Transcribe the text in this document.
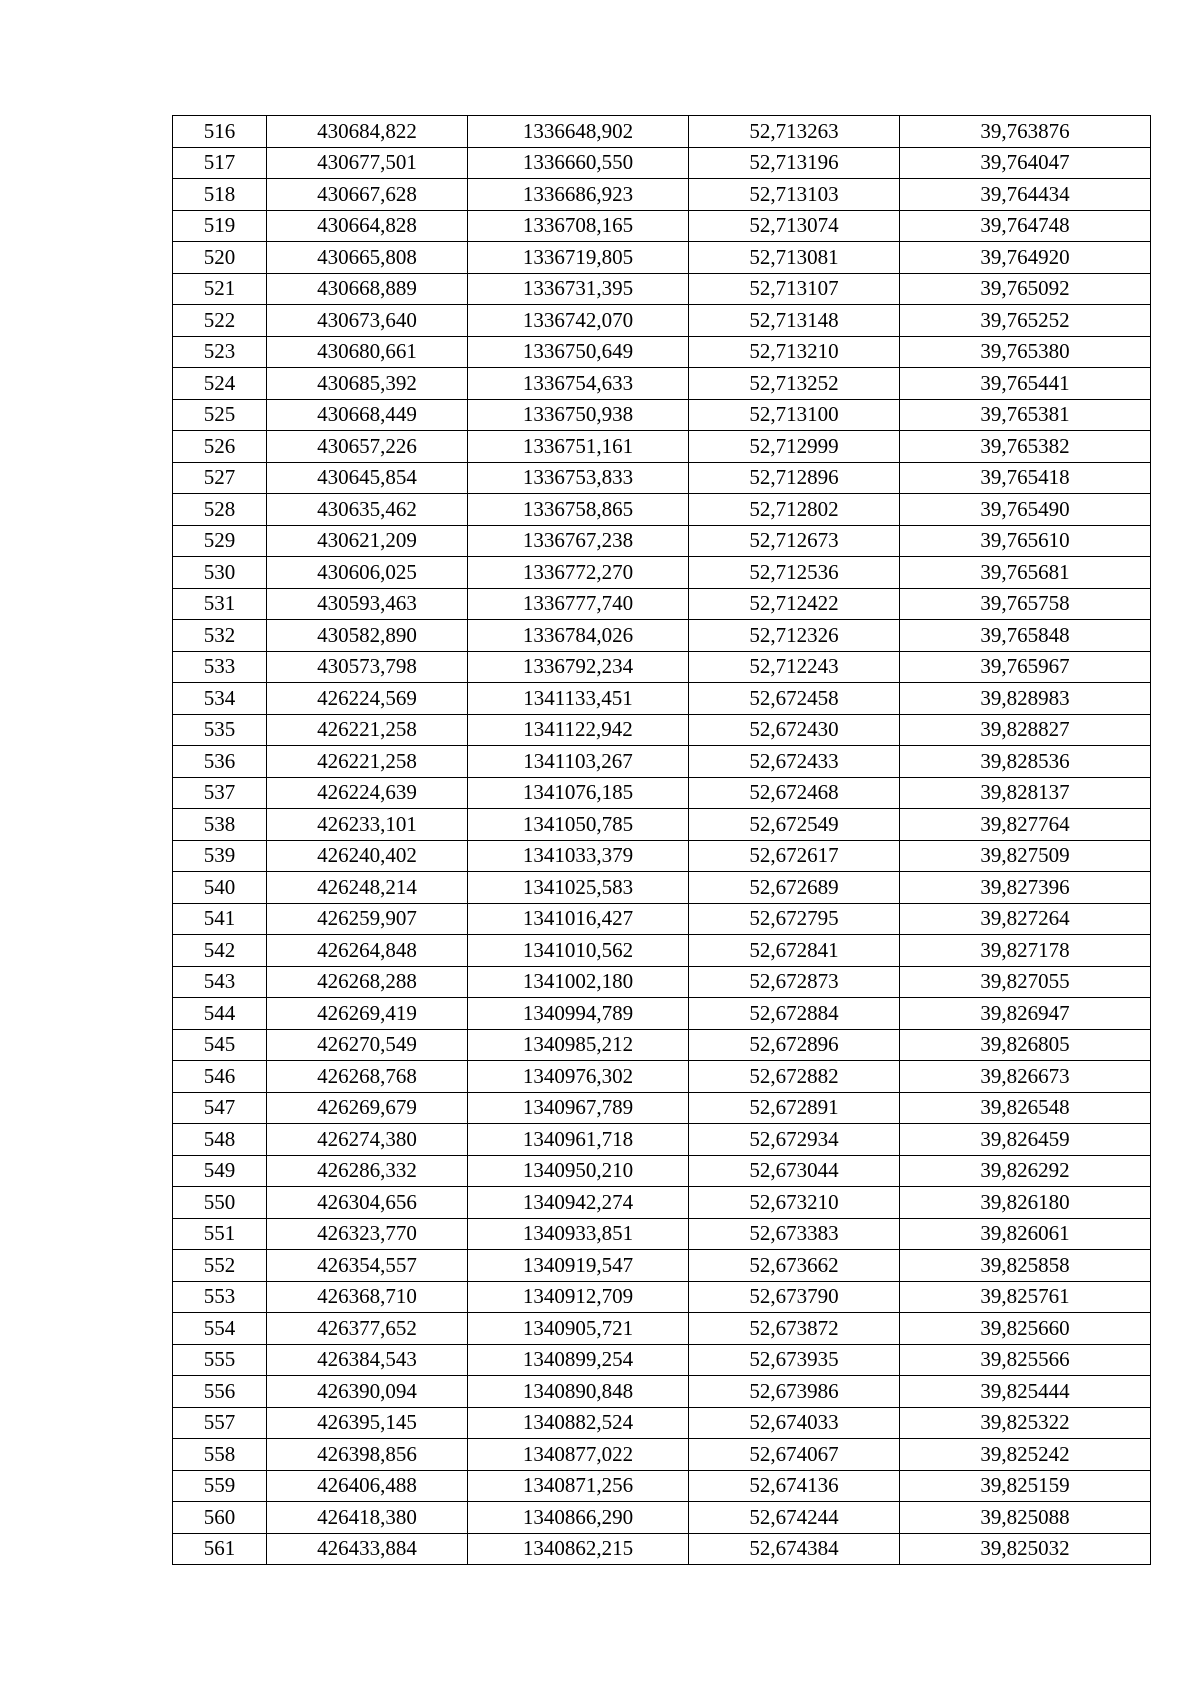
516	430684,822	1336648,902	52,713263	39,763876
517	430677,501	1336660,550	52,713196	39,764047
518	430667,628	1336686,923	52,713103	39,764434
519	430664,828	1336708,165	52,713074	39,764748
520	430665,808	1336719,805	52,713081	39,764920
521	430668,889	1336731,395	52,713107	39,765092
522	430673,640	1336742,070	52,713148	39,765252
523	430680,661	1336750,649	52,713210	39,765380
524	430685,392	1336754,633	52,713252	39,765441
525	430668,449	1336750,938	52,713100	39,765381
526	430657,226	1336751,161	52,712999	39,765382
527	430645,854	1336753,833	52,712896	39,765418
528	430635,462	1336758,865	52,712802	39,765490
529	430621,209	1336767,238	52,712673	39,765610
530	430606,025	1336772,270	52,712536	39,765681
531	430593,463	1336777,740	52,712422	39,765758
532	430582,890	1336784,026	52,712326	39,765848
533	430573,798	1336792,234	52,712243	39,765967
534	426224,569	1341133,451	52,672458	39,828983
535	426221,258	1341122,942	52,672430	39,828827
536	426221,258	1341103,267	52,672433	39,828536
537	426224,639	1341076,185	52,672468	39,828137
538	426233,101	1341050,785	52,672549	39,827764
539	426240,402	1341033,379	52,672617	39,827509
540	426248,214	1341025,583	52,672689	39,827396
541	426259,907	1341016,427	52,672795	39,827264
542	426264,848	1341010,562	52,672841	39,827178
543	426268,288	1341002,180	52,672873	39,827055
544	426269,419	1340994,789	52,672884	39,826947
545	426270,549	1340985,212	52,672896	39,826805
546	426268,768	1340976,302	52,672882	39,826673
547	426269,679	1340967,789	52,672891	39,826548
548	426274,380	1340961,718	52,672934	39,826459
549	426286,332	1340950,210	52,673044	39,826292
550	426304,656	1340942,274	52,673210	39,826180
551	426323,770	1340933,851	52,673383	39,826061
552	426354,557	1340919,547	52,673662	39,825858
553	426368,710	1340912,709	52,673790	39,825761
554	426377,652	1340905,721	52,673872	39,825660
555	426384,543	1340899,254	52,673935	39,825566
556	426390,094	1340890,848	52,673986	39,825444
557	426395,145	1340882,524	52,674033	39,825322
558	426398,856	1340877,022	52,674067	39,825242
559	426406,488	1340871,256	52,674136	39,825159
560	426418,380	1340866,290	52,674244	39,825088
561	426433,884	1340862,215	52,674384	39,825032
